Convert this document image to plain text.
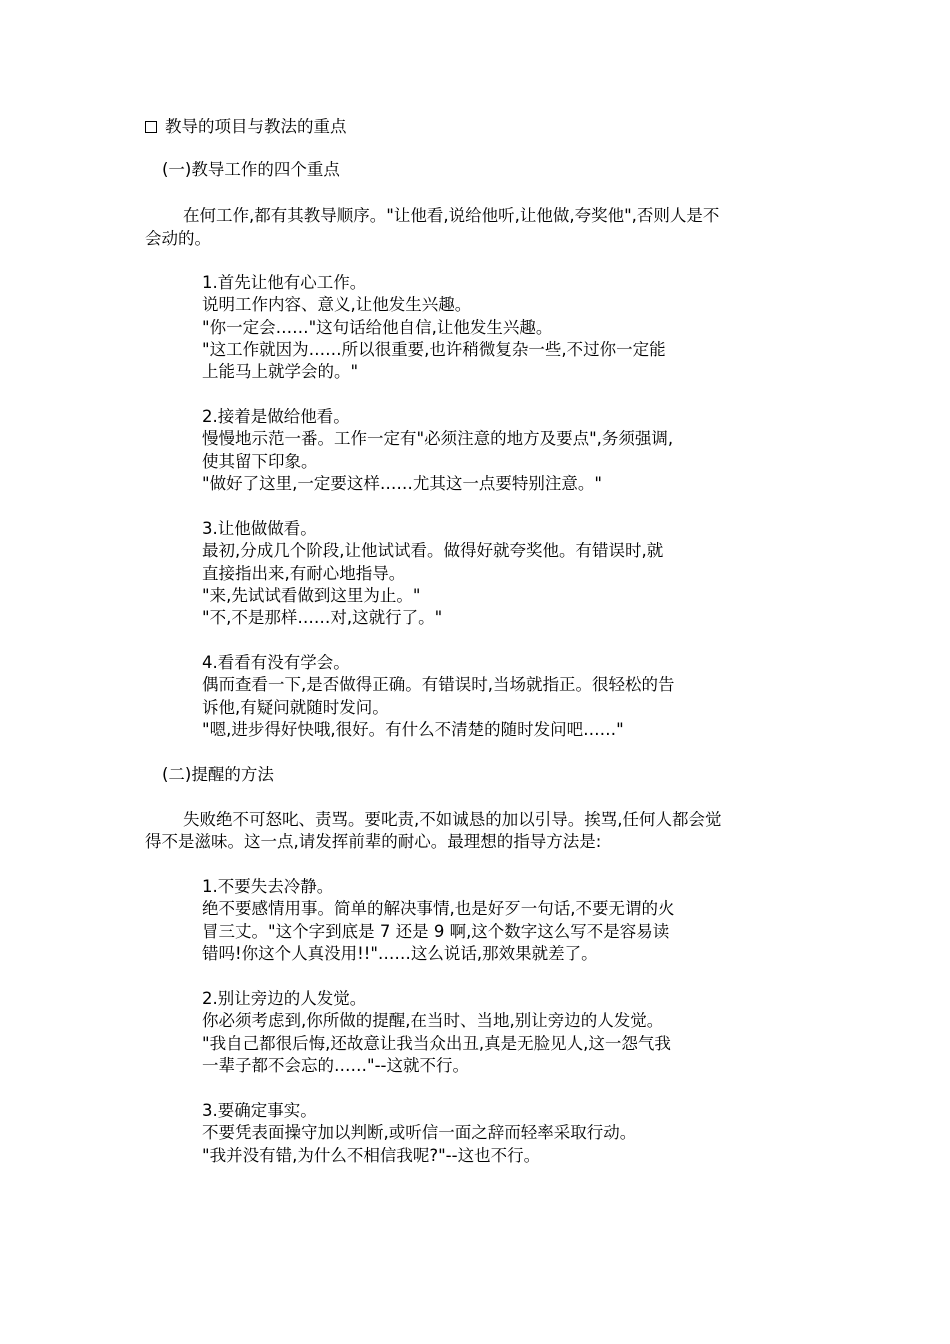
教导的项目与教法的重点
(一)教导工作的四个重点
在何工作,都有其教导顺序。"让他看,说给他听,让他做,夸奖他",否则人是不
会动的。
1.首先让他有心工作。
说明工作内容、意义,让他发生兴趣。
"你一定会……"这句话给他自信,让他发生兴趣。
"这工作就因为……所以很重要,也许稍微复杂一些,不过你一定能
上能马上就学会的。"
2.接着是做给他看。
慢慢地示范一番。工作一定有"必须注意的地方及要点",务须强调,
使其留下印象。
"做好了这里,一定要这样……尤其这一点要特别注意。"
3.让他做做看。
最初,分成几个阶段,让他试试看。做得好就夸奖他。有错误时,就
直接指出来,有耐心地指导。
"来,先试试看做到这里为止。"
"不,不是那样……对,这就行了。"
4.看看有没有学会。
偶而查看一下,是否做得正确。有错误时,当场就指正。很轻松的告
诉他,有疑问就随时发问。
"嗯,进步得好快哦,很好。有什么不清楚的随时发问吧……"
(二)提醒的方法
失败绝不可怒叱、责骂。要叱责,不如诚恳的加以引导。挨骂,任何人都会觉
得不是滋味。这一点,请发挥前辈的耐心。最理想的指导方法是:
1.不要失去冷静。
绝不要感情用事。简单的解决事情,也是好歹一句话,不要无谓的火
冒三丈。"这个字到底是 7 还是 9 啊,这个数字这么写不是容易读
错吗!你这个人真没用!!"……这么说话,那效果就差了。
2.别让旁边的人发觉。
你必须考虑到,你所做的提醒,在当时、当地,别让旁边的人发觉。
"我自己都很后悔,还故意让我当众出丑,真是无脸见人,这一怨气我
一辈子都不会忘的……"--这就不行。
3.要确定事实。
不要凭表面操守加以判断,或听信一面之辞而轻率采取行动。
"我并没有错,为什么不相信我呢?"--这也不行。
